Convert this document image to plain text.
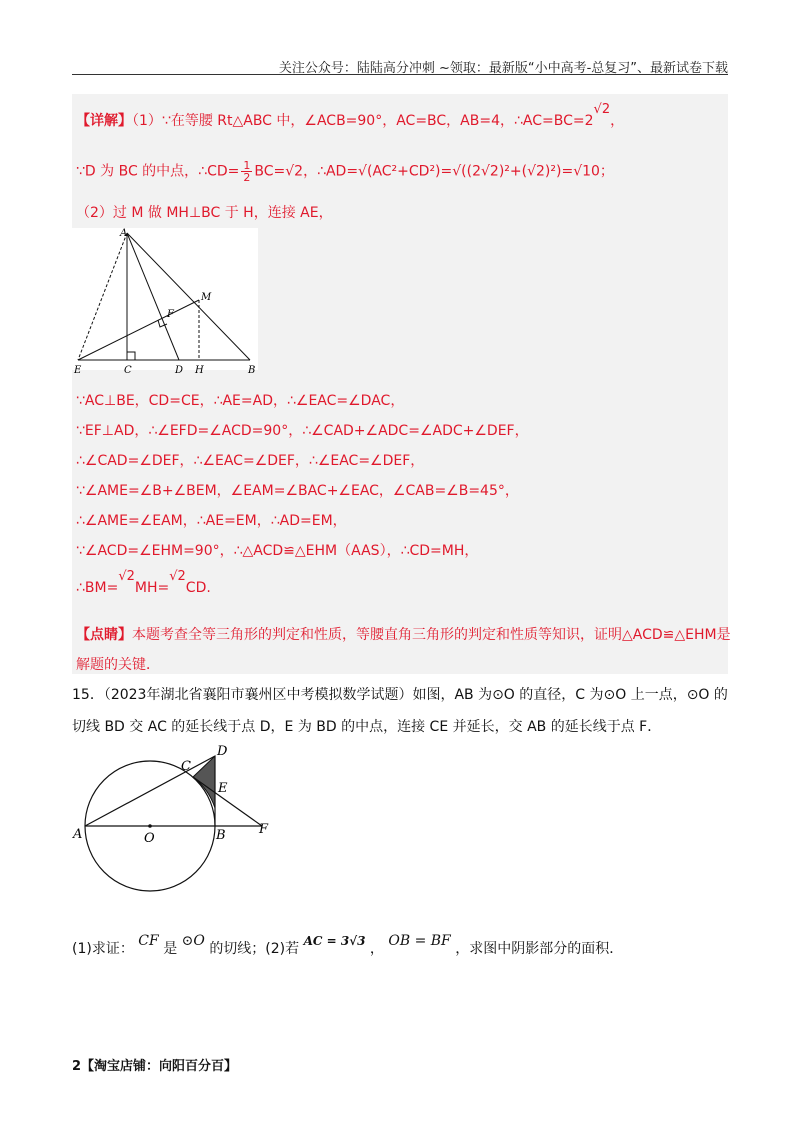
关注公众号：陆陆高分冲刺 ~领取：最新版“小中高考-总复习”、最新试卷下载
【详解】（1）∵在等腰 Rt△ABC 中，∠ACB=90°，AC=BC，AB=4，∴AC=BC=2√2，
∵D 为 BC 的中点，∴CD= $\frac{1}{2} BC=√2$，∴AD=√(AC²+CD²)=√((2√2)²+(√2)²)=√10；
（2）过 M 做 MH⊥BC 于 H，连接 AE，
A
F
M
E	C	D H	B
∵AC⊥BE，CD=CE，∴AE=AD，∴∠EAC=∠DAC，
∵EF⊥AD，∴∠EFD=∠ACD=90°，∴∠CAD+∠ADC=∠ADC+∠DEF，
∴∠CAD=∠DEF，∴∠EAC=∠DEF，∴∠EAC=∠DEF，
∵∠AME=∠B+∠BEM，∠EAM=∠BAC+∠EAC，∠CAB=∠B=45°，
∴∠AME=∠EAM，∴AE=EM，∴AD=EM，
∵∠ACD=∠EHM=90°，∴△ACD≌△EHM（AAS），∴CD=MH，
∴BM=√2MH=√2CD.
【点睛】本题考查全等三角形的判定和性质，等腰直角三角形的判定和性质等知识，证明△ACD≌△EHM是
解题的关键．
15．（2023年湖北省襄阳市襄州区中考模拟数学试题）如图，AB 为⊙O 的直径，C 为⊙O 上一点，⊙O 的
切线 BD 交 AC 的延长线于点 D，E 为 BD 的中点，连接 CE 并延长，交 AB 的延长线于点 F．
A	O	B	F
C
D
E
(1)求证： CF 是 ⊙O 的切线；(2)若 AC = 3√3 ， OB = BF ，求图中阴影部分的面积．
2【淘宝店铺：向阳百分百】
